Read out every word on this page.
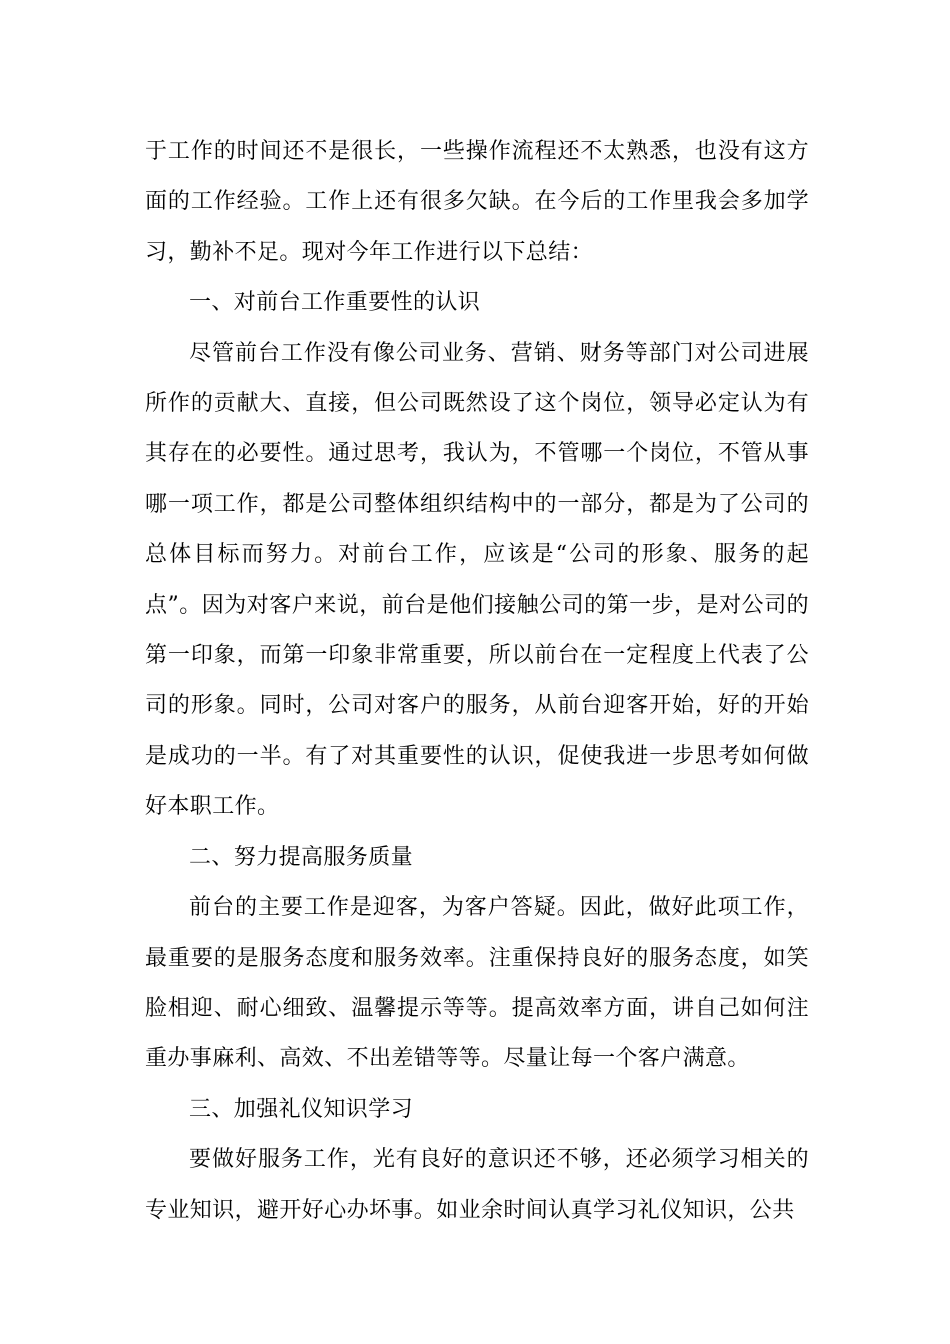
于工作的时间还不是很长，一些操作流程还不太熟悉，也没有这方面的工作经验。工作上还有很多欠缺。在今后的工作里我会多加学习，勤补不足。现对今年工作进行以下总结：

一、对前台工作重要性的认识

尽管前台工作没有像公司业务、营销、财务等部门对公司进展所作的贡献大、直接，但公司既然设了这个岗位，领导必定认为有其存在的必要性。通过思考，我认为，不管哪一个岗位，不管从事哪一项工作，都是公司整体组织结构中的一部分，都是为了公司的总体目标而努力。对前台工作，应该是“公司的形象、服务的起点”。因为对客户来说，前台是他们接触公司的第一步，是对公司的第一印象，而第一印象非常重要，所以前台在一定程度上代表了公司的形象。同时，公司对客户的服务，从前台迎客开始，好的开始是成功的一半。有了对其重要性的认识，促使我进一步思考如何做好本职工作。

二、努力提高服务质量

前台的主要工作是迎客，为客户答疑。因此，做好此项工作，最重要的是服务态度和服务效率。注重保持良好的服务态度，如笑脸相迎、耐心细致、温馨提示等等。提高效率方面，讲自己如何注重办事麻利、高效、不出差错等等。尽量让每一个客户满意。

三、加强礼仪知识学习

要做好服务工作，光有良好的意识还不够，还必须学习相关的专业知识，避开好心办坏事。如业余时间认真学习礼仪知识，公共
